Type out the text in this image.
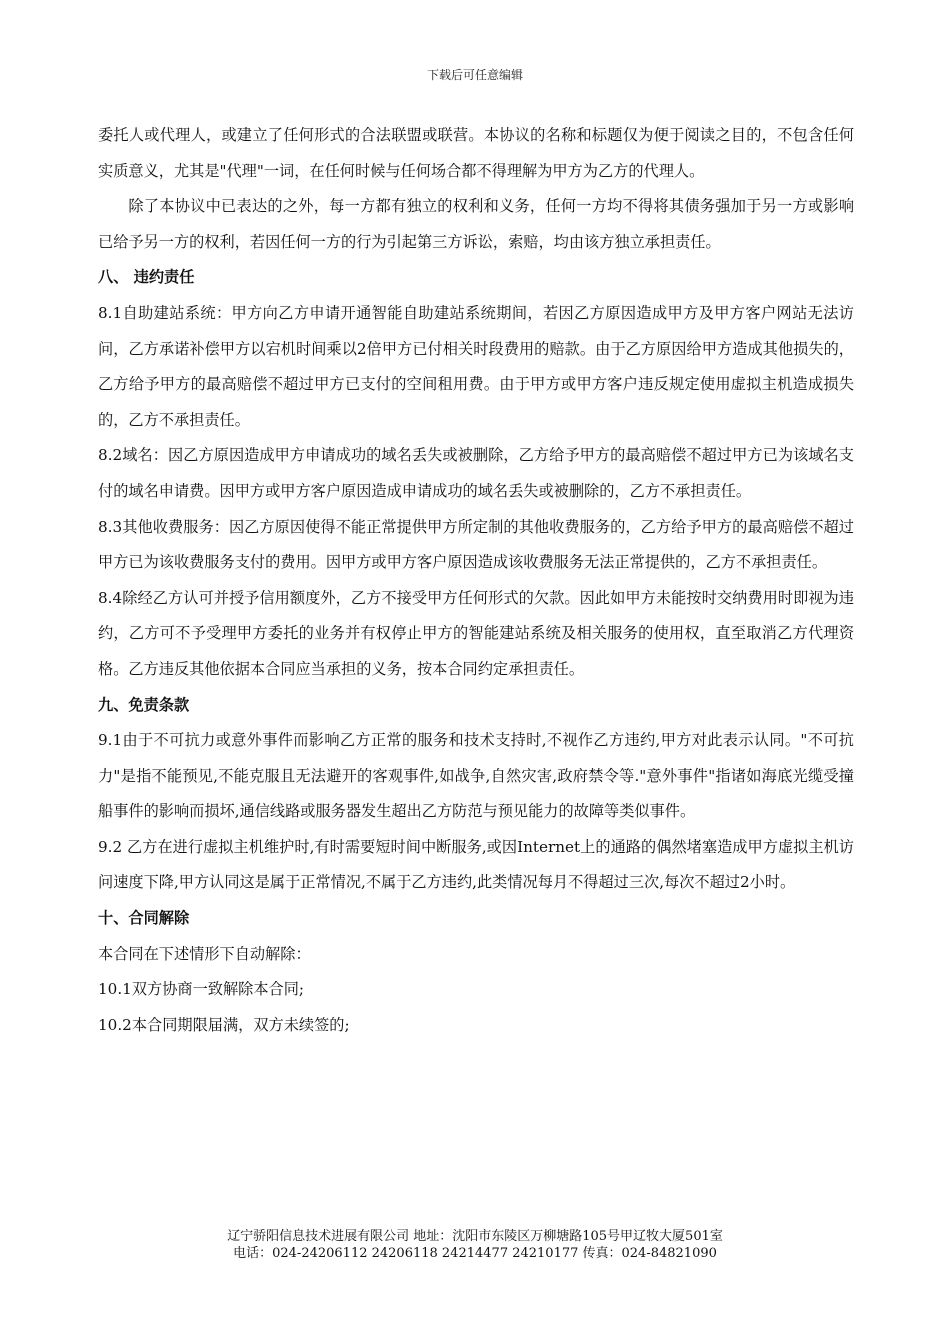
下载后可任意编辑

委托人或代理人，或建立了任何形式的合法联盟或联营。本协议的名称和标题仅为便于阅读之目的，不包含任何实质意义，尤其是"代理"一词，在任何时候与任何场合都不得理解为甲方为乙方的代理人。

除了本协议中已表达的之外，每一方都有独立的权利和义务，任何一方均不得将其债务强加于另一方或影响已给予另一方的权利，若因任何一方的行为引起第三方诉讼，索赔，均由该方独立承担责任。

八、 违约责任

8.1自助建站系统：甲方向乙方申请开通智能自助建站系统期间，若因乙方原因造成甲方及甲方客户网站无法访问，乙方承诺补偿甲方以宕机时间乘以2倍甲方已付相关时段费用的赔款。由于乙方原因给甲方造成其他损失的，乙方给予甲方的最高赔偿不超过甲方已支付的空间租用费。由于甲方或甲方客户违反规定使用虚拟主机造成损失的，乙方不承担责任。

8.2域名：因乙方原因造成甲方申请成功的域名丢失或被删除，乙方给予甲方的最高赔偿不超过甲方已为该域名支付的域名申请费。因甲方或甲方客户原因造成申请成功的域名丢失或被删除的，乙方不承担责任。

8.3其他收费服务：因乙方原因使得不能正常提供甲方所定制的其他收费服务的，乙方给予甲方的最高赔偿不超过甲方已为该收费服务支付的费用。因甲方或甲方客户原因造成该收费服务无法正常提供的，乙方不承担责任。

8.4除经乙方认可并授予信用额度外，乙方不接受甲方任何形式的欠款。因此如甲方未能按时交纳费用时即视为违约，乙方可不予受理甲方委托的业务并有权停止甲方的智能建站系统及相关服务的使用权，直至取消乙方代理资格。乙方违反其他依据本合同应当承担的义务，按本合同约定承担责任。

九、免责条款

9.1由于不可抗力或意外事件而影响乙方正常的服务和技术支持时,不视作乙方违约,甲方对此表示认同。"不可抗力"是指不能预见,不能克服且无法避开的客观事件,如战争,自然灾害,政府禁令等."意外事件"指诸如海底光缆受撞船事件的影响而损坏,通信线路或服务器发生超出乙方防范与预见能力的故障等类似事件。

9.2 乙方在进行虚拟主机维护时,有时需要短时间中断服务,或因Internet上的通路的偶然堵塞造成甲方虚拟主机访问速度下降,甲方认同这是属于正常情况,不属于乙方违约,此类情况每月不得超过三次,每次不超过2小时。

十、合同解除

本合同在下述情形下自动解除：

10.1双方协商一致解除本合同;

10.2本合同期限届满，双方未续签的;

辽宁骄阳信息技术进展有限公司 地址：沈阳市东陵区万柳塘路105号甲辽牧大厦501室
电话：024-24206112 24206118 24214477 24210177 传真：024-84821090
